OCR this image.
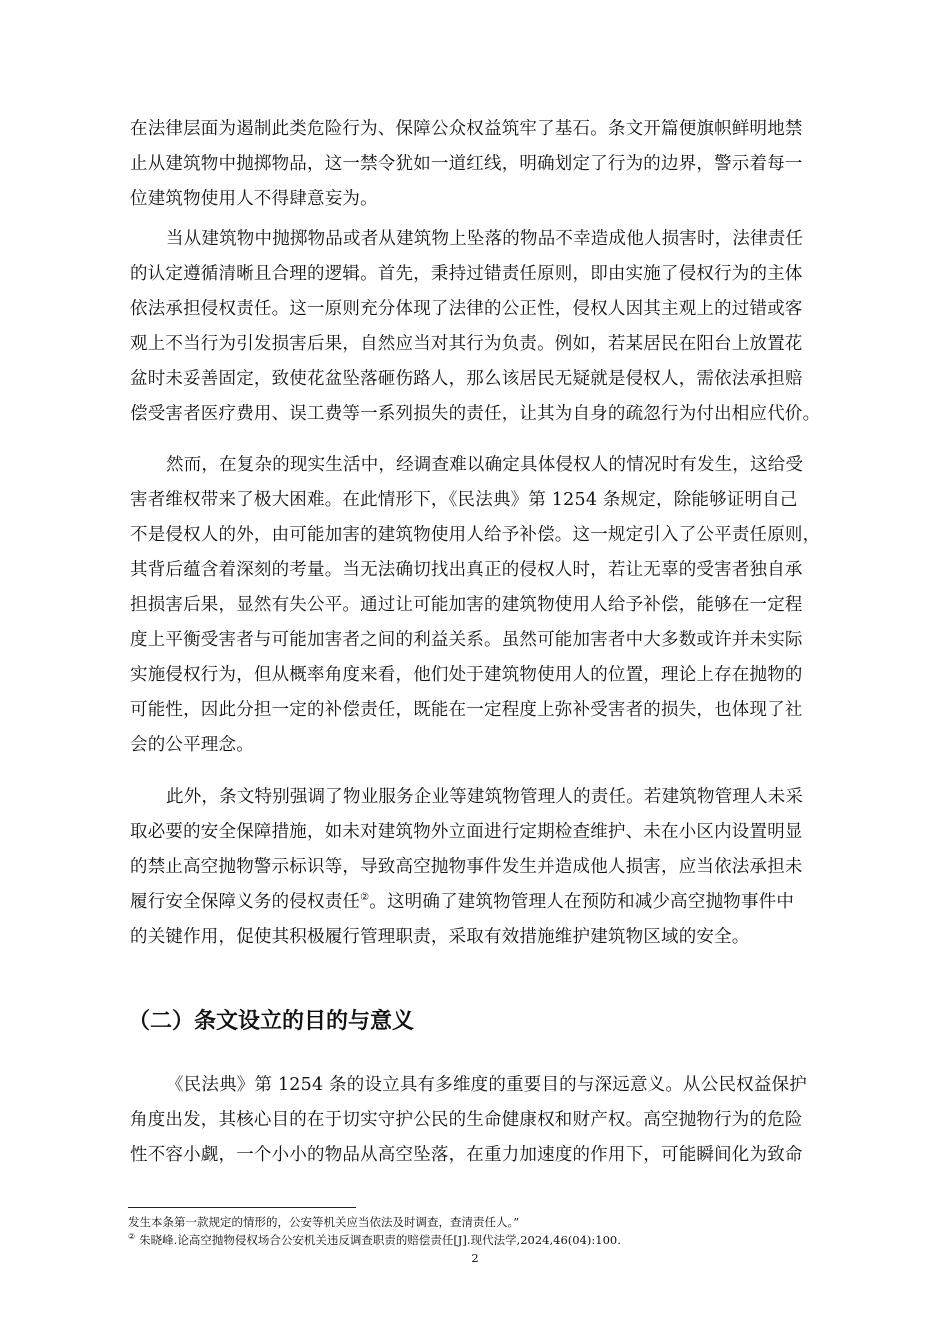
在法律层面为遏制此类危险行为、保障公众权益筑牢了基石。条文开篇便旗帜鲜明地禁
止从建筑物中抛掷物品，这一禁令犹如一道红线，明确划定了行为的边界，警示着每一
位建筑物使用人不得肆意妄为。
当从建筑物中抛掷物品或者从建筑物上坠落的物品不幸造成他人损害时，法律责任
的认定遵循清晰且合理的逻辑。首先，秉持过错责任原则，即由实施了侵权行为的主体
依法承担侵权责任。这一原则充分体现了法律的公正性，侵权人因其主观上的过错或客
观上不当行为引发损害后果，自然应当对其行为负责。例如，若某居民在阳台上放置花
盆时未妥善固定，致使花盆坠落砸伤路人，那么该居民无疑就是侵权人，需依法承担赔
偿受害者医疗费用、误工费等一系列损失的责任，让其为自身的疏忽行为付出相应代价。
然而，在复杂的现实生活中，经调查难以确定具体侵权人的情况时有发生，这给受
害者维权带来了极大困难。在此情形下，《民法典》第 1254 条规定，除能够证明自己
不是侵权人的外，由可能加害的建筑物使用人给予补偿。这一规定引入了公平责任原则，
其背后蕴含着深刻的考量。当无法确切找出真正的侵权人时，若让无辜的受害者独自承
担损害后果，显然有失公平。通过让可能加害的建筑物使用人给予补偿，能够在一定程
度上平衡受害者与可能加害者之间的利益关系。虽然可能加害者中大多数或许并未实际
实施侵权行为，但从概率角度来看，他们处于建筑物使用人的位置，理论上存在抛物的
可能性，因此分担一定的补偿责任，既能在一定程度上弥补受害者的损失，也体现了社
会的公平理念。
此外，条文特别强调了物业服务企业等建筑物管理人的责任。若建筑物管理人未采
取必要的安全保障措施，如未对建筑物外立面进行定期检查维护、未在小区内设置明显
的禁止高空抛物警示标识等，导致高空抛物事件发生并造成他人损害，应当依法承担未
履行安全保障义务的侵权责任②。这明确了建筑物管理人在预防和减少高空抛物事件中
的关键作用，促使其积极履行管理职责，采取有效措施维护建筑物区域的安全。
（二）条文设立的目的与意义
《民法典》第 1254 条的设立具有多维度的重要目的与深远意义。从公民权益保护
角度出发，其核心目的在于切实守护公民的生命健康权和财产权。高空抛物行为的危险
性不容小觑，一个小小的物品从高空坠落，在重力加速度的作用下，可能瞬间化为致命
发生本条第一款规定的情形的，公安等机关应当依法及时调查，查清责任人。”
② 朱晓峰.论高空抛物侵权场合公安机关违反调查职责的赔偿责任[J].现代法学,2024,46(04):100.
2
